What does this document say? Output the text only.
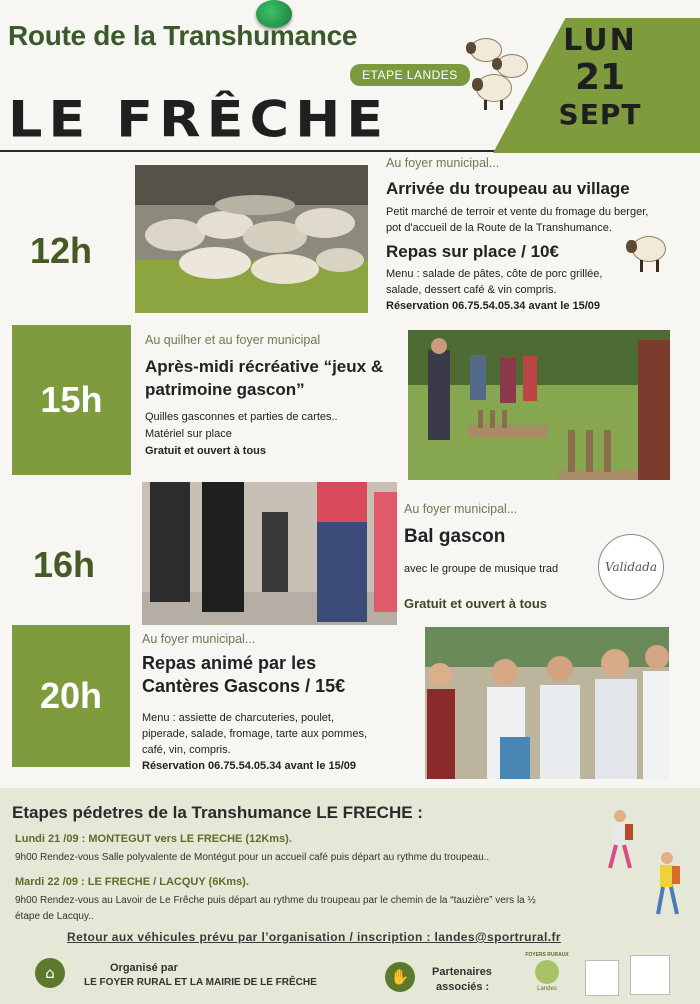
Route de la Transhumance
ETAPE LANDES
LE FRÊCHE
LUN
21
SEPT
12h
Au foyer municipal...
Arrivée du troupeau au village
Petit marché de terroir et vente du fromage du berger,
pot d'accueil de la Route de la Transhumance.
Repas sur place / 10€
Menu : salade de pâtes, côte de porc grillée,
salade, dessert café & vin compris.
Réservation 06.75.54.05.34 avant le 15/09
15h
Au quilher et au foyer municipal
Après-midi récréative “jeux &
patrimoine gascon”
Quilles gasconnes et parties de cartes..
Matériel sur place
Gratuit et ouvert à tous
16h
Au foyer municipal...
Bal gascon
avec le groupe de musique trad	Validada
Gratuit et ouvert à tous
20h
Au foyer municipal...
Repas animé par les
Cantères Gascons / 15€
Menu : assiette de charcuteries, poulet,
piperade, salade, fromage, tarte aux pommes,
café, vin, compris.
Réservation 06.75.54.05.34 avant le 15/09
Etapes pédetres de la Transhumance LE FRECHE :
Lundi 21 /09 : MONTEGUT vers LE FRECHE (12Kms).
9h00 Rendez-vous Salle polyvalente de Montégut pour un accueil café puis départ au rythme du troupeau..
Mardi 22 /09 : LE FRECHE / LACQUY (6Kms).
9h00 Rendez-vous au Lavoir de Le Frêche puis départ au rythme du troupeau par le chemin de la “tauzière” vers la ½
étape de Lacquy..
Retour aux véhicules prévu par l’organisation / inscription : landes@sportrural.fr
⌂	Organisé par
LE FOYER RURAL ET LA MAIRIE DE LE FRÊCHE	✋	Partenaires
associés :
FOYERS RURAUX
Landes
